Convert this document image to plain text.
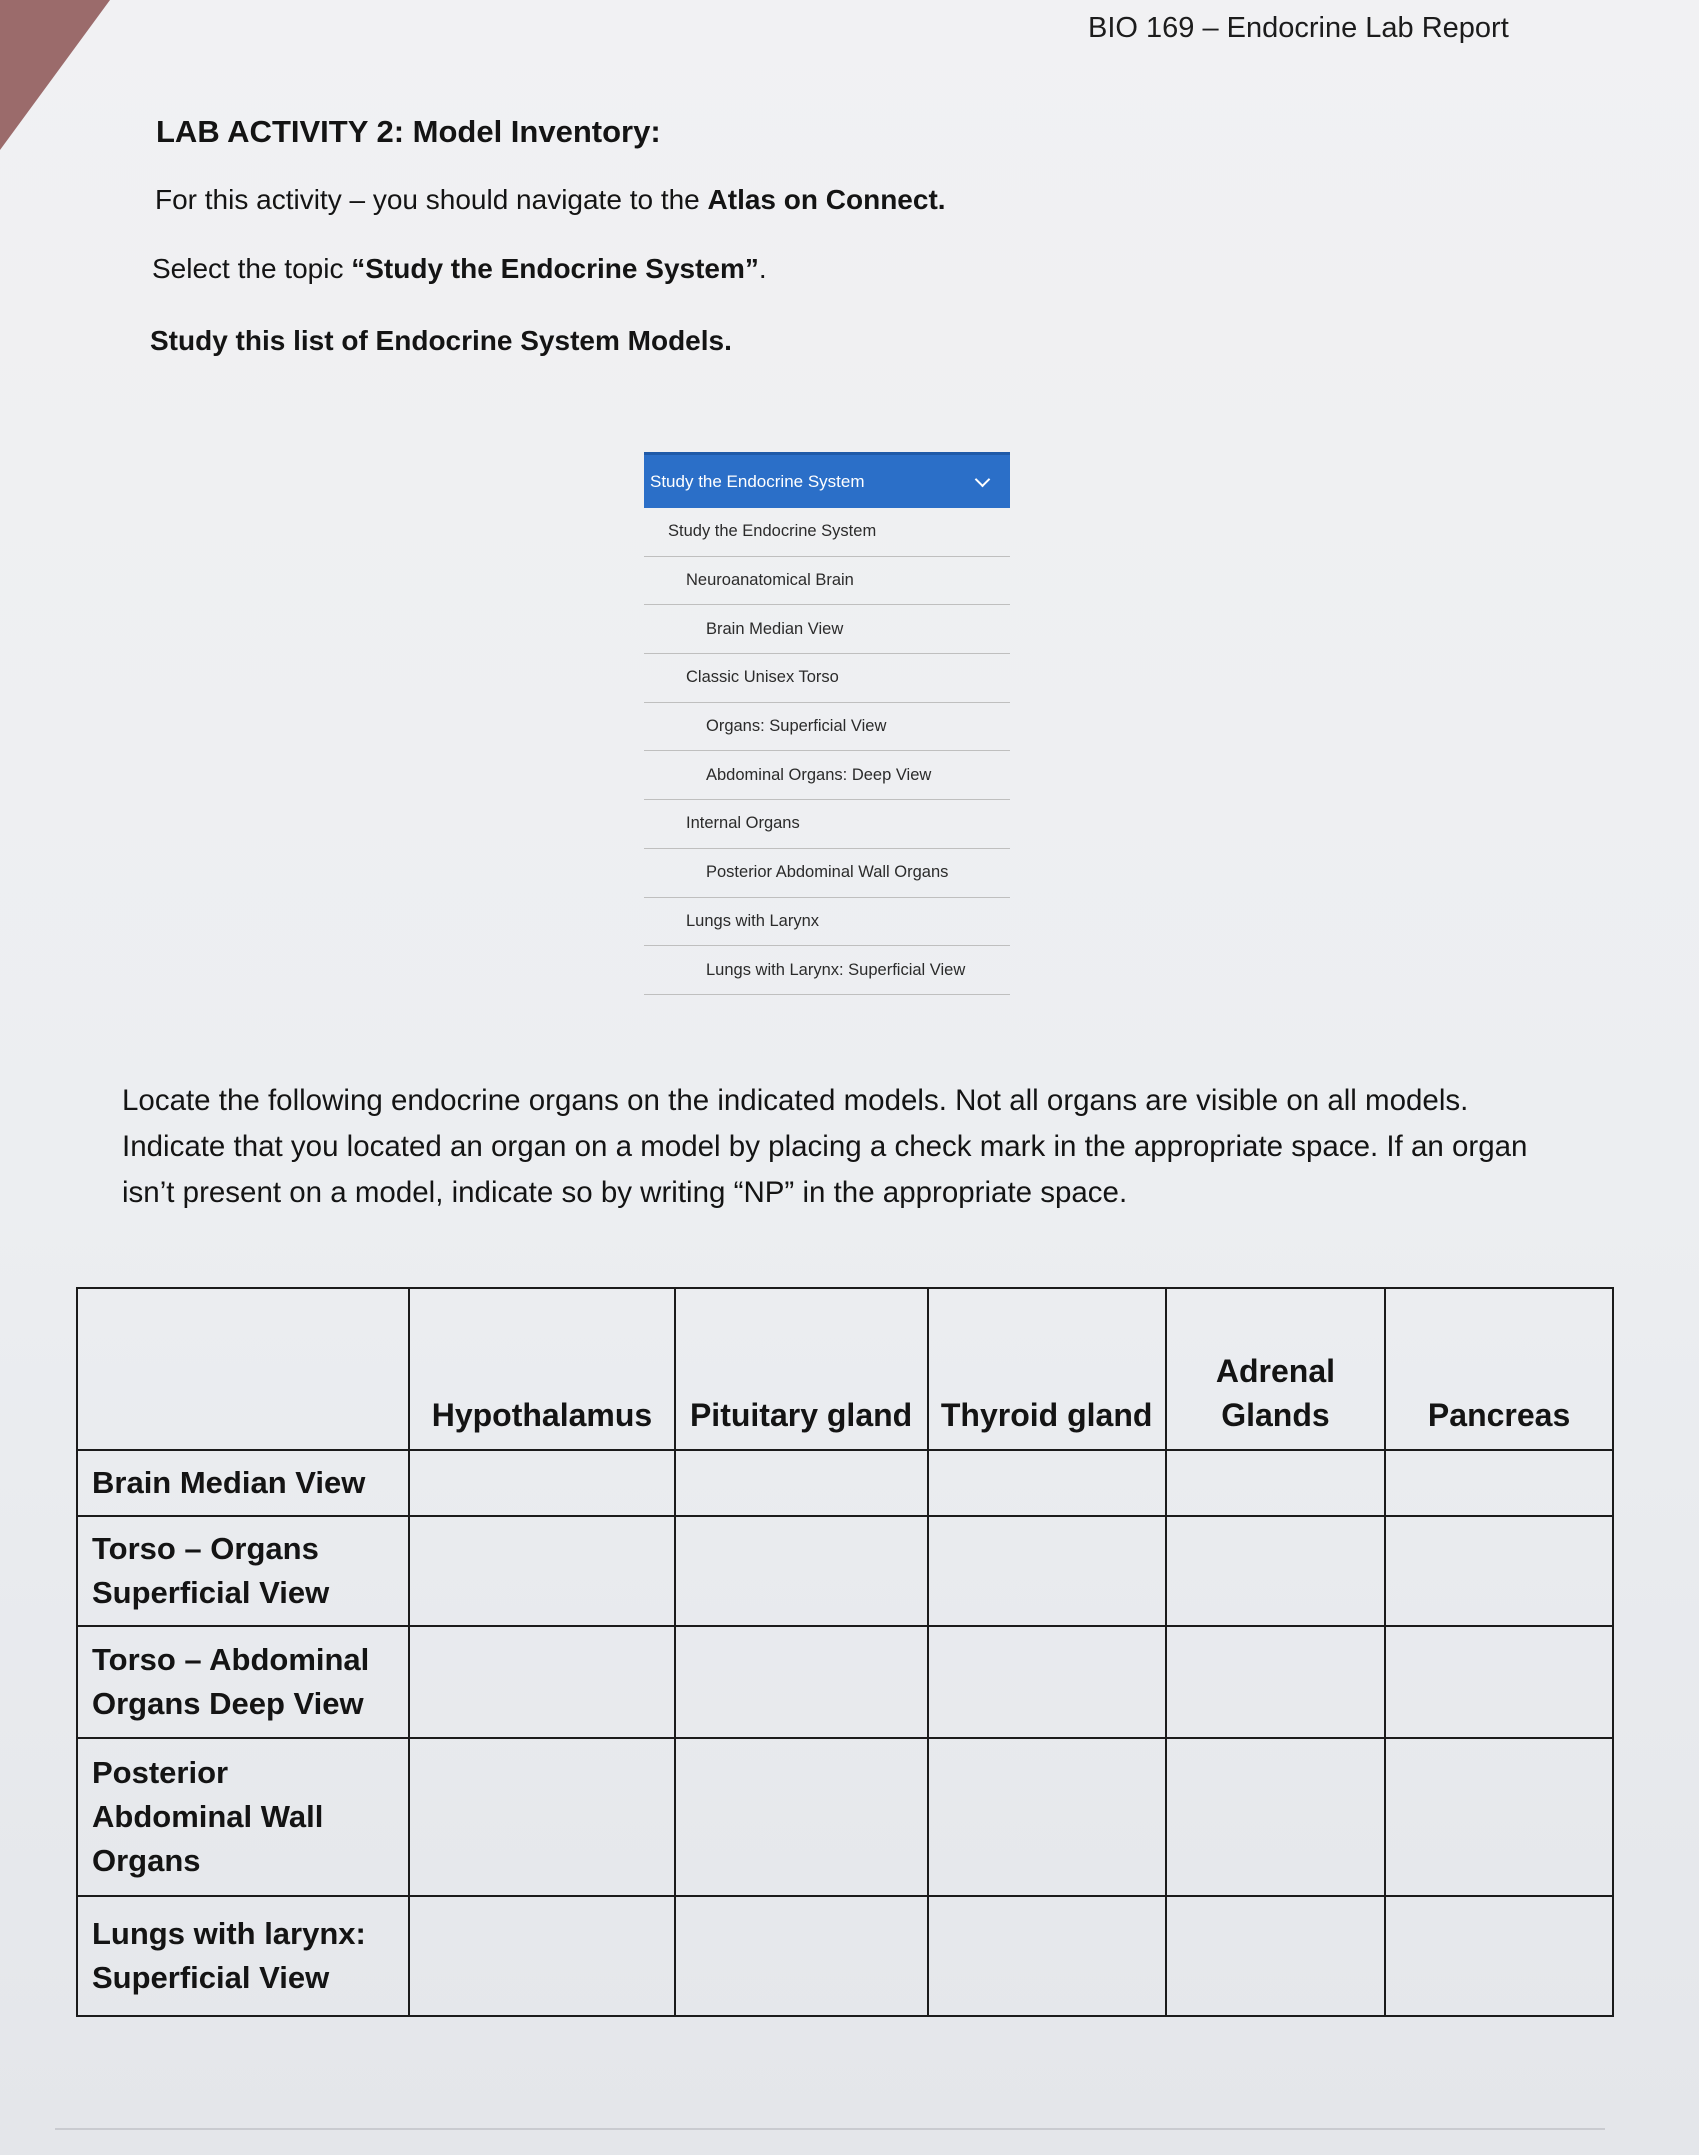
BIO 169 – Endocrine Lab Report
LAB ACTIVITY 2: Model Inventory:
For this activity – you should navigate to the Atlas on Connect.
Select the topic “Study the Endocrine System”.
Study this list of Endocrine System Models.
Study the Endocrine System
Study the Endocrine System
Neuroanatomical Brain
Brain Median View
Classic Unisex Torso
Organs: Superficial View
Abdominal Organs: Deep View
Internal Organs
Posterior Abdominal Wall Organs
Lungs with Larynx
Lungs with Larynx: Superficial View
Locate the following endocrine organs on the indicated models. Not all organs are visible on all models. Indicate that you located an organ on a model by placing a check mark in the appropriate space. If an organ isn’t present on a model, indicate so by writing “NP” in the appropriate space.
	Hypothalamus	Pituitary gland	Thyroid gland	Adrenal Glands	Pancreas
Brain Median View					
Torso – Organs Superficial View					
Torso – Abdominal Organs Deep View					
Posterior Abdominal Wall Organs					
Lungs with larynx: Superficial View					
